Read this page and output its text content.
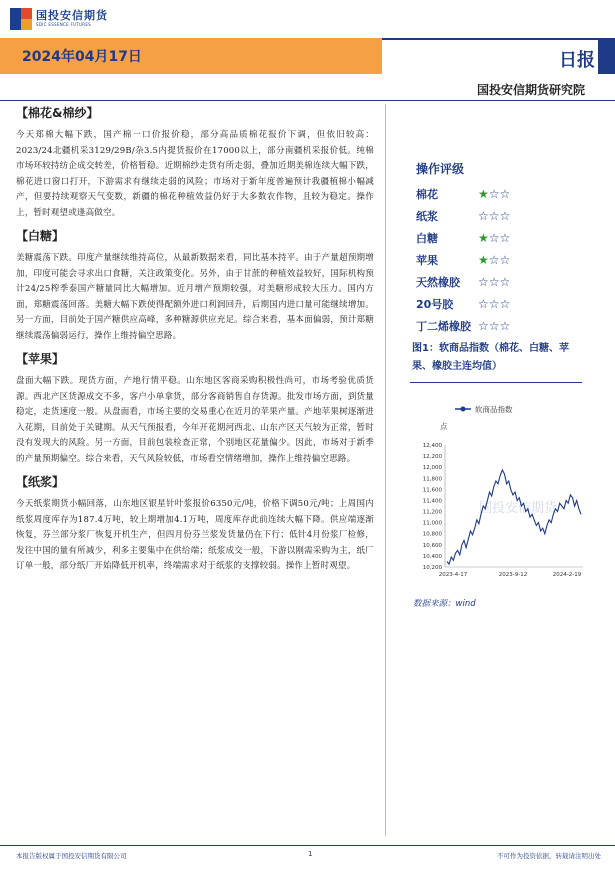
国投安信期货
SDIC ESSENCE FUTURES
2024年04月17日	日报
国投安信期货研究院
【棉花&棉纱】

今天郑棉大幅下跌，国产棉一口价报价稳，部分高品质棉花报价下调，但依旧较高：2023/24北疆机采3129/29B/杂3.5内提货报价在17000以上，部分南疆机采报价低。纯棉市场环较持纺企成交转差，价格暂稳。近期棉纱走货有所走弱，叠加近期美棉连续大幅下跌，棉花进口窗口打开，下游需求有继续走弱的风险；市场对于新年度普遍预计我疆植棉小幅减产，但要持续观察天气变数，新疆的棉花种植效益仍好于大多数农作物，且较为稳定。操作上，暂时观望或逢高做空。

【白糖】

美糖震荡下跌。印度产量继续维持高位，从最新数据来看，同比基本持平。由于产量超预期增加，印度可能会寻求出口食糖，关注政策变化。另外，由于甘蔗的种植效益较好，国际机构预计24/25榨季泰国产糖量同比大幅增加。近月增产预期较强，对美糖形成较大压力。国内方面，郑糖震荡回落。美糖大幅下跌使得配额外进口利润回升，后期国内进口量可能继续增加。另一方面，目前处于国产糖供应高峰，多种糖源供应充足。综合来看，基本面偏弱，预计郑糖继续震荡偏弱运行，操作上维持偏空思路。

【苹果】

盘面大幅下跌。现货方面，产地行情平稳。山东地区客商采购积极性尚可，市场考验优质货源。西北产区货源成交不多，客户小单拿货，部分客商销售自存货源。批发市场方面，到货量稳定，走货速度一般。从盘面看，市场主要的交易重心在近月的苹果产量。产地苹果树逐渐进入花期，目前处于关键期。从天气预报看，今年开花期河西北、山东产区天气较为正常，暂时没有发现大的风险。另一方面，目前包装检查正常，个别地区花量偏少。因此，市场对于新季的产量预期偏空。综合来看，天气风险较低，市场看空情绪增加，操作上维持偏空思路。

【纸浆】

今天纸浆期货小幅回落，山东地区银星针叶浆报价6350元/吨，价格下调50元/吨；上周国内纸浆周度库存为187.4万吨，较上期增加4.1万吨，周度库存此前连续大幅下降。供应端逐渐恢复，芬兰部分浆厂恢复开机生产，但四月份芬兰浆发货量仍在下行；低针4月份浆厂检修，发往中国的量有所减少，利多主要集中在供给端；纸浆成交一般，下游以刚需采购为主，纸厂订单一般，部分纸厂开始降低开机率，终端需求对于纸浆的支撑较弱。操作上暂时观望。

操作评级
棉花	★ ☆ ☆
纸浆	☆ ☆ ☆
白糖	★ ☆ ☆
苹果	★ ☆ ☆
天然橡胶	☆ ☆ ☆
20号胶	☆ ☆ ☆
丁二烯橡胶 ☆ ☆ ☆
图1：软商品指数（棉花、白糖、苹果、橡胶主连均值）
软商品指数
点
10,200
10,400
10,600
10,800
11,000
11,200
11,400
11,600
11,800
12,000
12,200
12,400
国投安信期货
2023-4-17	2023-9-12	2024-2-19
数据来源：wind
本报告版权属于国投安信期货有限公司	1	不可作为投资依据，转载请注明出处
